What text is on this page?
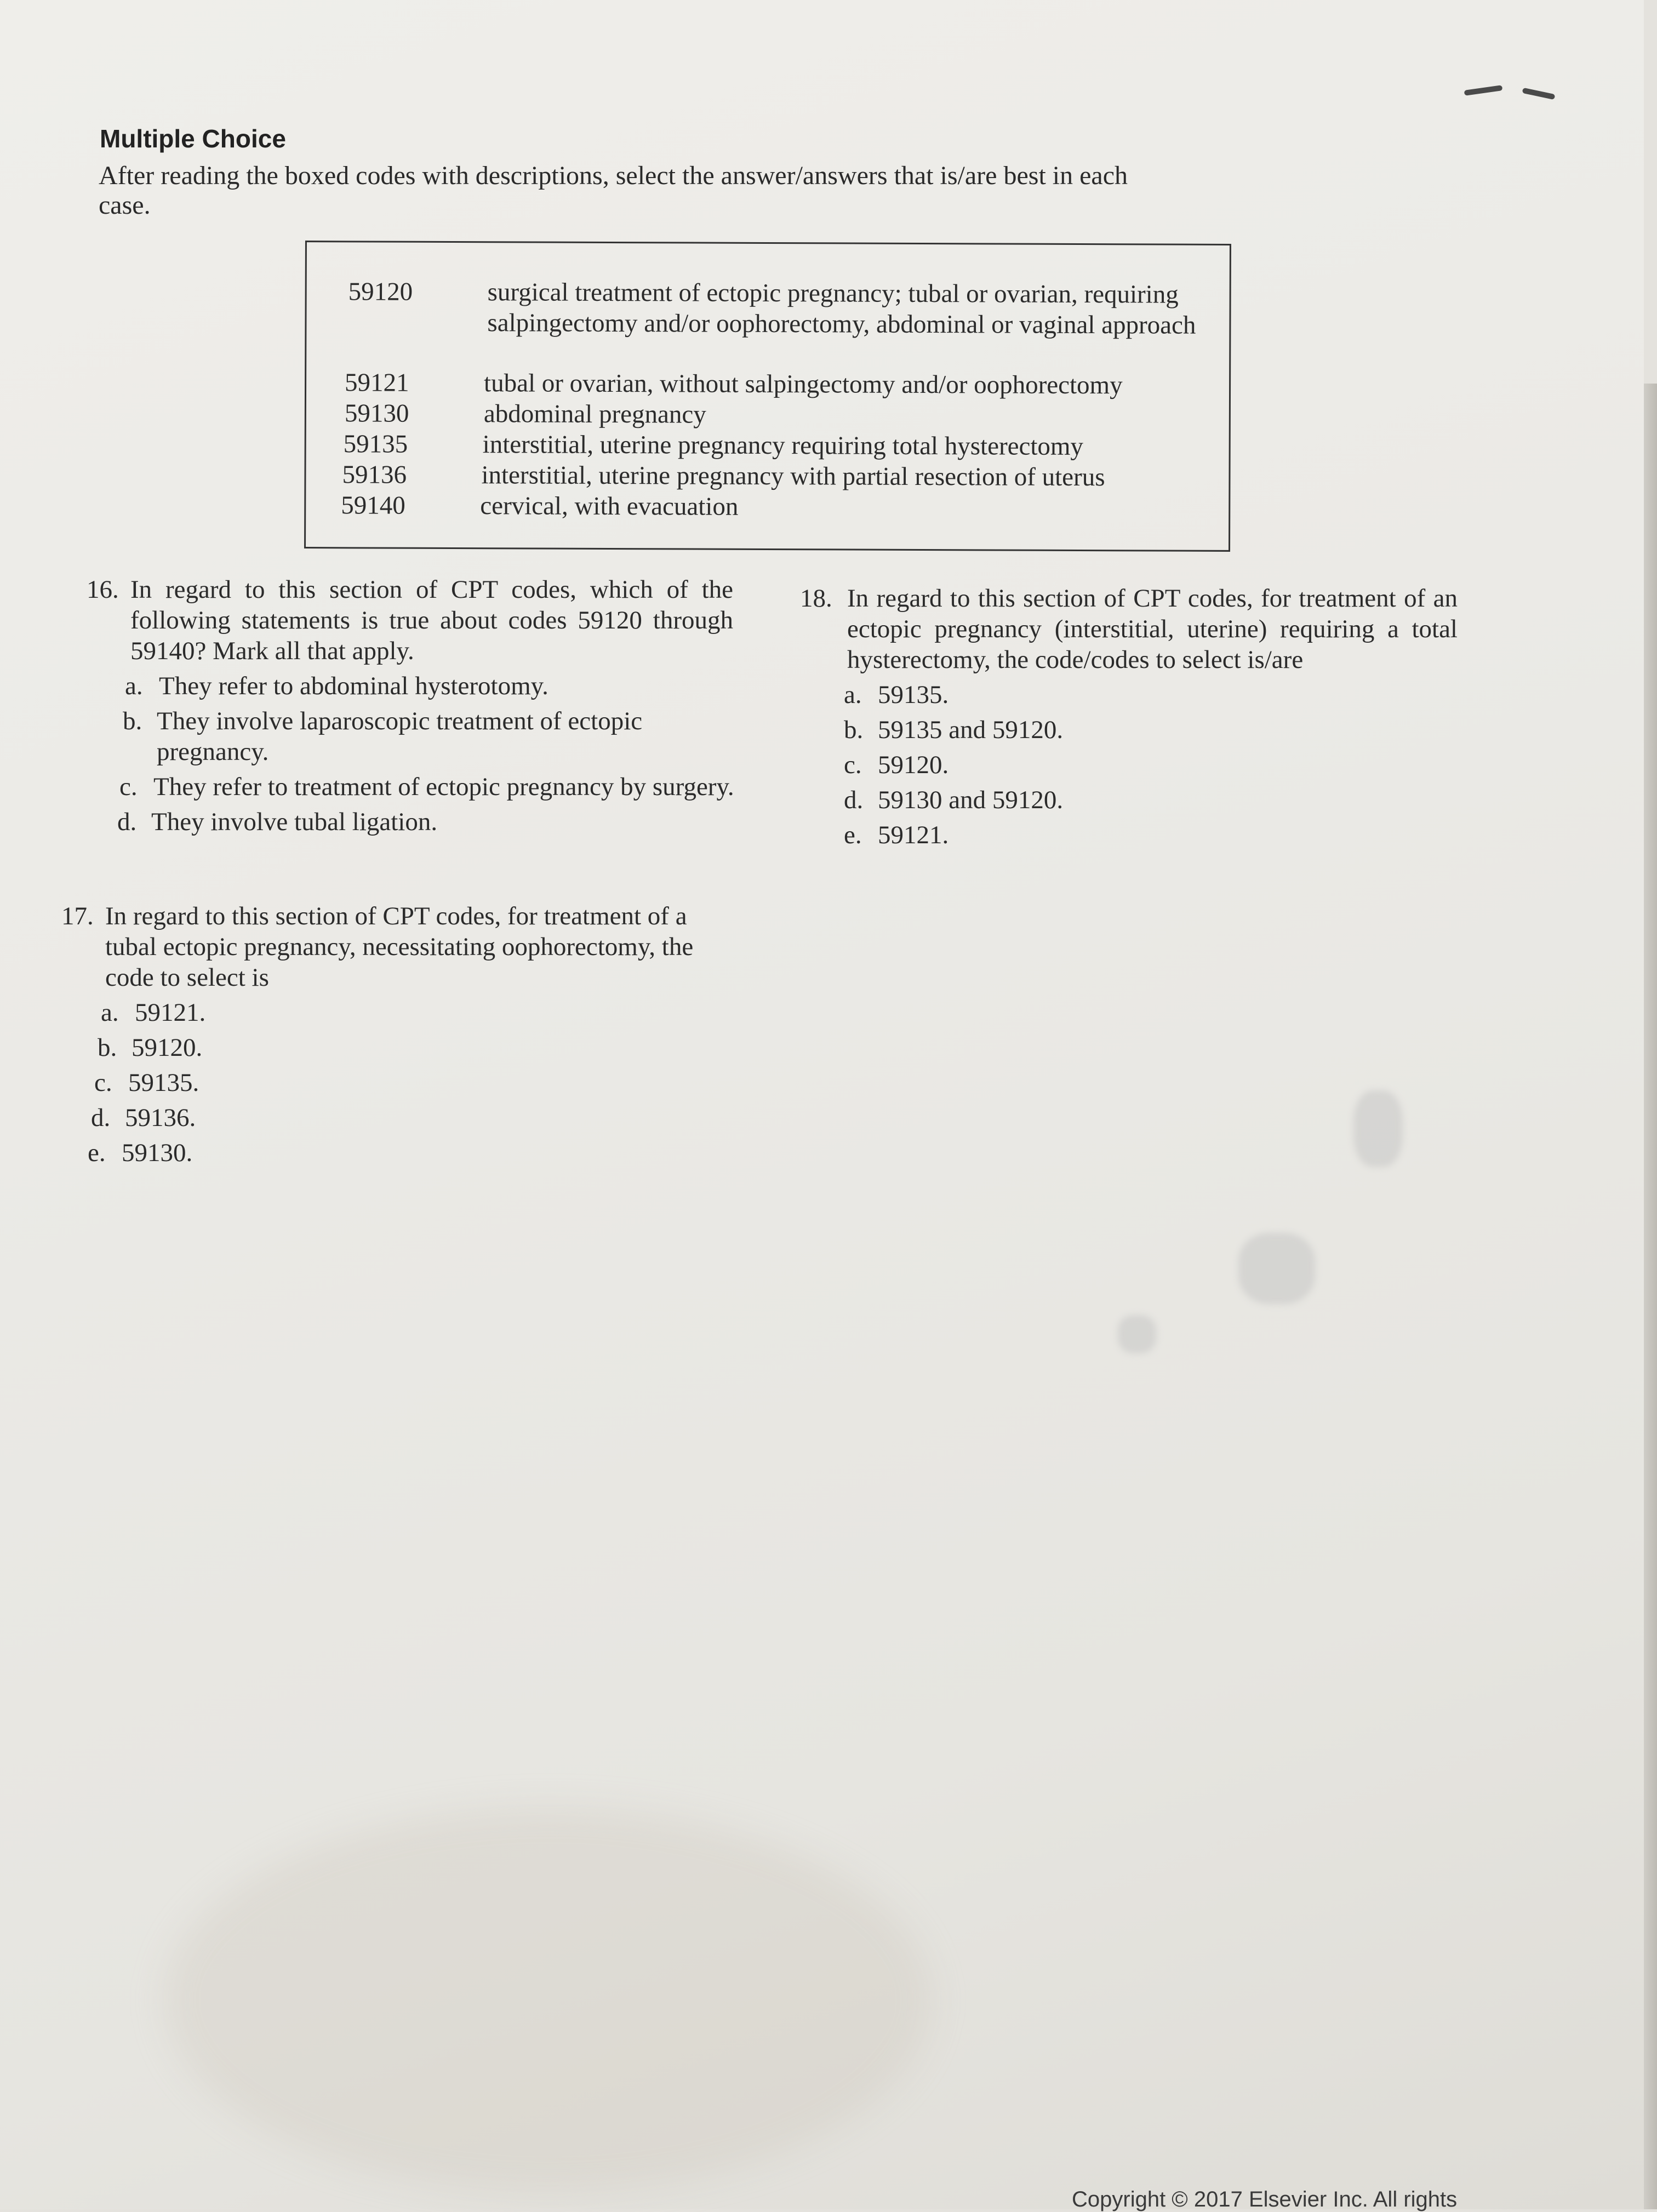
Multiple Choice
After reading the boxed codes with descriptions, select the answer/answers that is/are best in each case.
59120	surgical treatment of ectopic pregnancy; tubal or ovarian, requiring salpingectomy and/or oophorectomy, abdominal or vaginal approach
59121	tubal or ovarian, without salpingectomy and/or oophorectomy
59130	abdominal pregnancy
59135	interstitial, uterine pregnancy requiring total hysterectomy
59136	interstitial, uterine pregnancy with partial resection of uterus
59140	cervical, with evacuation
16. In regard to this section of CPT codes, which of the following statements is true about codes 59120 through 59140? Mark all that apply.
a. They refer to abdominal hysterotomy.
b. They involve laparoscopic treatment of ectopic pregnancy.
c. They refer to treatment of ectopic pregnancy by surgery.
d. They involve tubal ligation.
17. In regard to this section of CPT codes, for treatment of a tubal ectopic pregnancy, necessitating oophorectomy, the code to select is
a. 59121.
b. 59120.
c. 59135.
d. 59136.
e. 59130.
18. In regard to this section of CPT codes, for treatment of an ectopic pregnancy (interstitial, uterine) requiring a total hysterectomy, the code/codes to select is/are
a. 59135.
b. 59135 and 59120.
c. 59120.
d. 59130 and 59120.
e. 59121.
Copyright © 2017 Elsevier Inc. All rights
